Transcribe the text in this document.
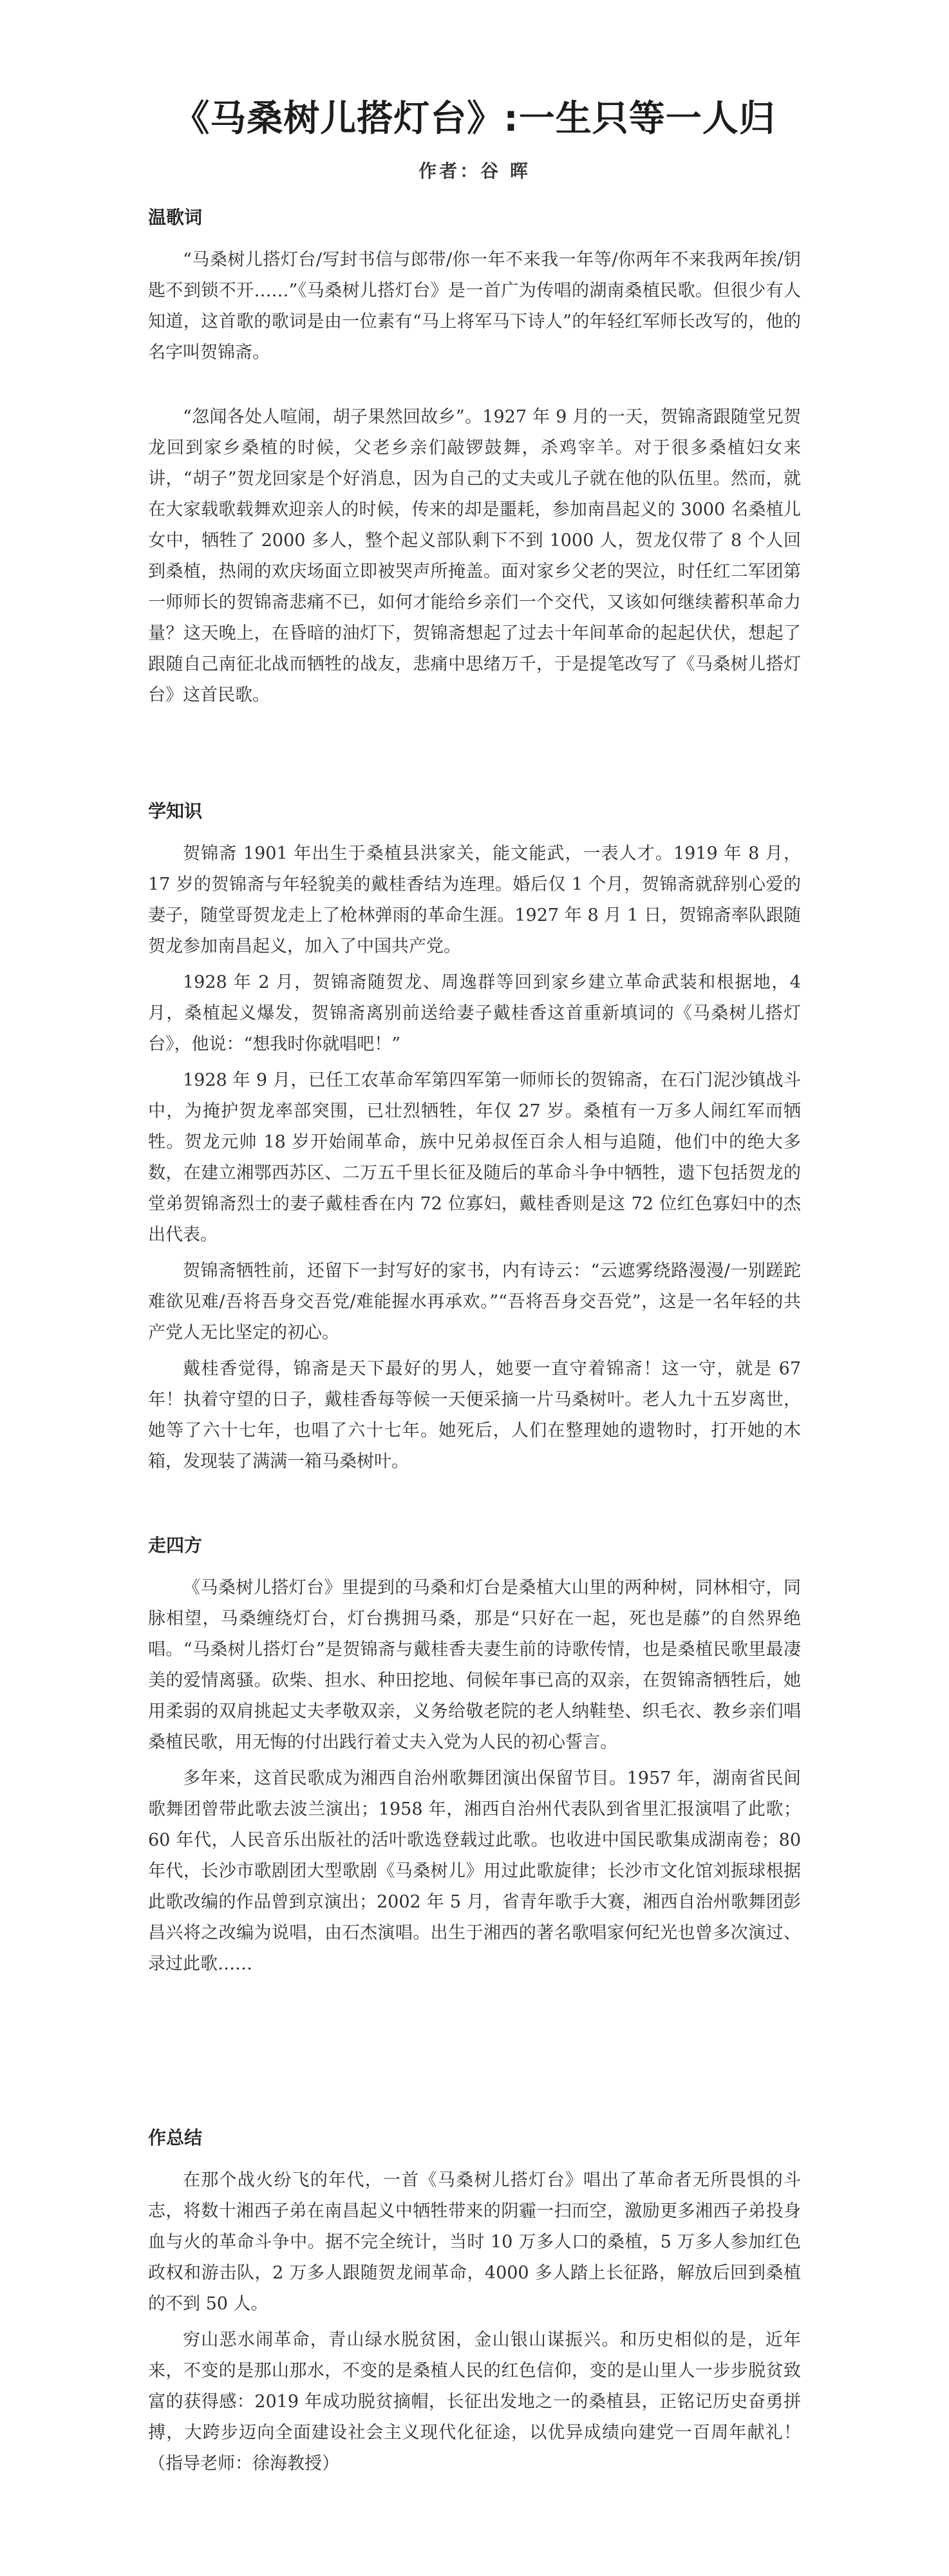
《马桑树儿搭灯台》:一生只等一人归
作者：谷 晖
温歌词

“马桑树儿搭灯台/写封书信与郎带/你一年不来我一年等/你两年不来我两年挨/钥匙不到锁不开……”《马桑树儿搭灯台》是一首广为传唱的湖南桑植民歌。但很少有人知道，这首歌的歌词是由一位素有“马上将军马下诗人”的年轻红军师长改写的，他的名字叫贺锦斋。

“忽闻各处人喧闹，胡子果然回故乡”。1927 年 9 月的一天，贺锦斋跟随堂兄贺龙回到家乡桑植的时候，父老乡亲们敲锣鼓舞，杀鸡宰羊。对于很多桑植妇女来讲，“胡子”贺龙回家是个好消息，因为自己的丈夫或儿子就在他的队伍里。然而，就在大家载歌载舞欢迎亲人的时候，传来的却是噩耗，参加南昌起义的 3000 名桑植儿女中，牺牲了 2000 多人，整个起义部队剩下不到 1000 人，贺龙仅带了 8 个人回到桑植，热闹的欢庆场面立即被哭声所掩盖。面对家乡父老的哭泣，时任红二军团第一师师长的贺锦斋悲痛不已，如何才能给乡亲们一个交代，又该如何继续蓄积革命力量？这天晚上，在昏暗的油灯下，贺锦斋想起了过去十年间革命的起起伏伏，想起了跟随自己南征北战而牺牲的战友，悲痛中思绪万千，于是提笔改写了《马桑树儿搭灯台》这首民歌。

学知识

贺锦斋 1901 年出生于桑植县洪家关，能文能武，一表人才。1919 年 8 月，17 岁的贺锦斋与年轻貌美的戴桂香结为连理。婚后仅 1 个月，贺锦斋就辞别心爱的妻子，随堂哥贺龙走上了枪林弹雨的革命生涯。1927 年 8 月 1 日，贺锦斋率队跟随贺龙参加南昌起义，加入了中国共产党。

1928 年 2 月，贺锦斋随贺龙、周逸群等回到家乡建立革命武装和根据地，4 月，桑植起义爆发，贺锦斋离别前送给妻子戴桂香这首重新填词的《马桑树儿搭灯台》，他说：“想我时你就唱吧！”

1928 年 9 月，已任工农革命军第四军第一师师长的贺锦斋，在石门泥沙镇战斗中，为掩护贺龙率部突围，已壮烈牺牲，年仅 27 岁。桑植有一万多人闹红军而牺牲。贺龙元帅 18 岁开始闹革命，族中兄弟叔侄百余人相与追随，他们中的绝大多数，在建立湘鄂西苏区、二万五千里长征及随后的革命斗争中牺牲，遗下包括贺龙的堂弟贺锦斋烈士的妻子戴桂香在内 72 位寡妇，戴桂香则是这 72 位红色寡妇中的杰出代表。

贺锦斋牺牲前，还留下一封写好的家书，内有诗云：“云遮雾绕路漫漫/一别蹉跎难欲见难/吾将吾身交吾党/难能握水再承欢。”“吾将吾身交吾党”，这是一名年轻的共产党人无比坚定的初心。

戴桂香觉得，锦斋是天下最好的男人，她要一直守着锦斋！这一守，就是 67 年！执着守望的日子，戴桂香每等候一天便采摘一片马桑树叶。老人九十五岁离世，她等了六十七年，也唱了六十七年。她死后，人们在整理她的遗物时，打开她的木箱，发现装了满满一箱马桑树叶。

走四方

《马桑树儿搭灯台》里提到的马桑和灯台是桑植大山里的两种树，同林相守，同脉相望，马桑缠绕灯台，灯台携拥马桑，那是“只好在一起，死也是藤”的自然界绝唱。“马桑树儿搭灯台”是贺锦斋与戴桂香夫妻生前的诗歌传情，也是桑植民歌里最凄美的爱情离骚。砍柴、担水、种田挖地、伺候年事已高的双亲，在贺锦斋牺牲后，她用柔弱的双肩挑起丈夫孝敬双亲，义务给敬老院的老人纳鞋垫、织毛衣、教乡亲们唱桑植民歌，用无悔的付出践行着丈夫入党为人民的初心誓言。

多年来，这首民歌成为湘西自治州歌舞团演出保留节目。1957 年，湖南省民间歌舞团曾带此歌去波兰演出；1958 年，湘西自治州代表队到省里汇报演唱了此歌；60 年代，人民音乐出版社的活叶歌选登载过此歌。也收进中国民歌集成湖南卷；80 年代，长沙市歌剧团大型歌剧《马桑树儿》用过此歌旋律；长沙市文化馆刘振球根据此歌改编的作品曾到京演出；2002 年 5 月，省青年歌手大赛，湘西自治州歌舞团彭昌兴将之改编为说唱，由石杰演唱。出生于湘西的著名歌唱家何纪光也曾多次演过、录过此歌……

作总结

在那个战火纷飞的年代，一首《马桑树儿搭灯台》唱出了革命者无所畏惧的斗志，将数十湘西子弟在南昌起义中牺牲带来的阴霾一扫而空，激励更多湘西子弟投身血与火的革命斗争中。据不完全统计，当时 10 万多人口的桑植，5 万多人参加红色政权和游击队，2 万多人跟随贺龙闹革命，4000 多人踏上长征路，解放后回到桑植的不到 50 人。

穷山恶水闹革命，青山绿水脱贫困，金山银山谋振兴。和历史相似的是，近年来，不变的是那山那水，不变的是桑植人民的红色信仰，变的是山里人一步步脱贫致富的获得感：2019 年成功脱贫摘帽，长征出发地之一的桑植县，正铭记历史奋勇拼搏，大跨步迈向全面建设社会主义现代化征途，以优异成绩向建党一百周年献礼！（指导老师：徐海教授）
